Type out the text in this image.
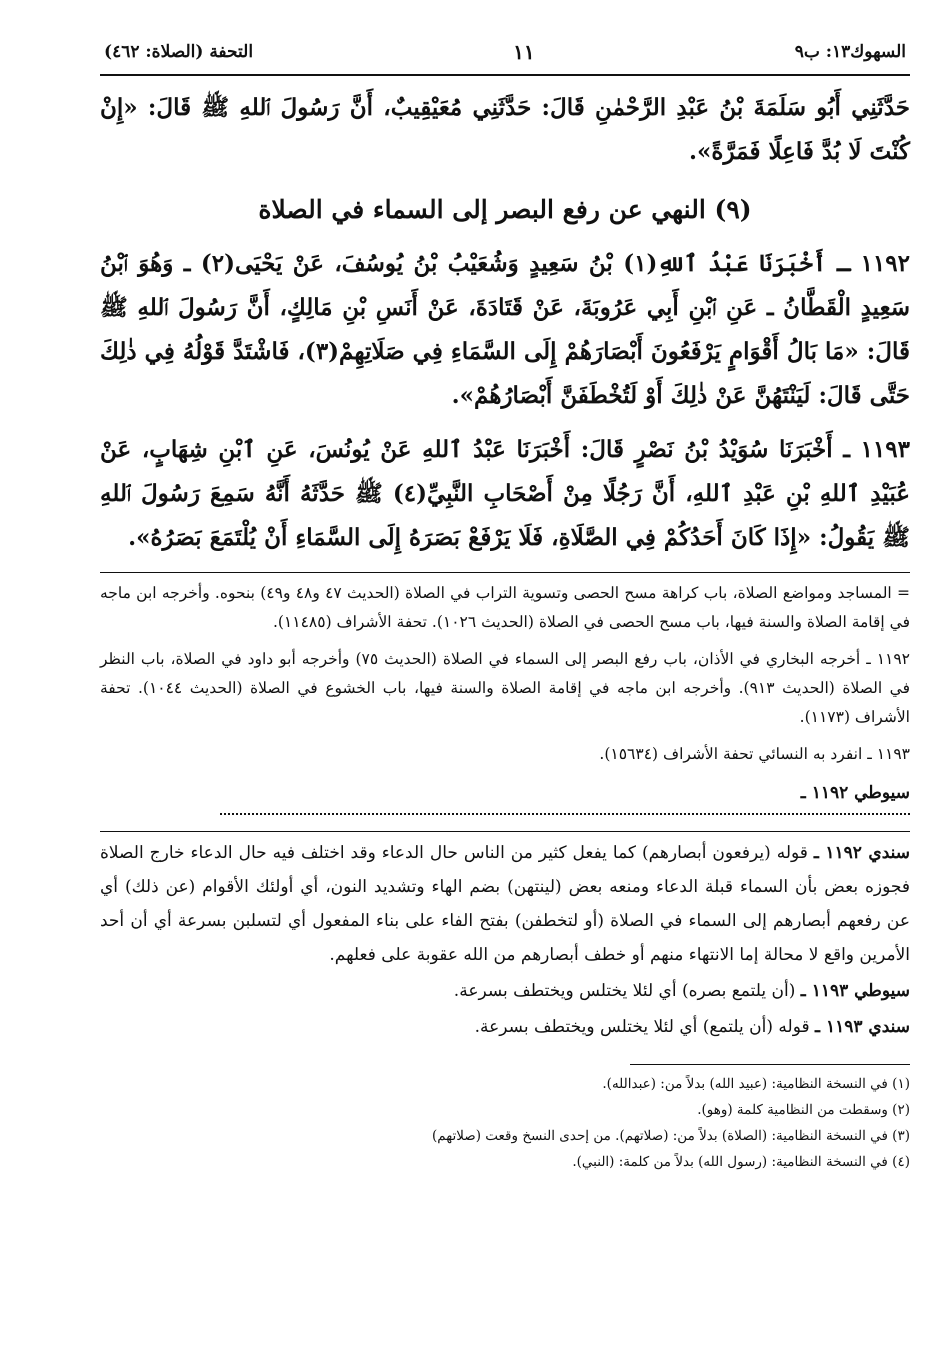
السهوك١٣: ب٩
١١
التحفة (الصلاة: ٤٦٢)
حَدَّثَنِي أَبُو سَلَمَةَ بْنُ عَبْدِ الرَّحْمٰنِ قَالَ: حَدَّثَنِي مُعَيْقِيبٌ، أَنَّ رَسُولَ ٱللهِ ﷺ قَالَ: «إِنْ كُنْتَ لَا بُدَّ فَاعِلًا فَمَرَّةً».
(٩) النهي عن رفع البصر إلى السماء في الصلاة
١١٩٢ ـ أَخْبَرَنَا عَبْدُ ٱللهِ(١) بْنُ سَعِيدٍ وَشُعَيْبُ بْنُ يُوسُفَ، عَنْ يَحْيَى(٢) ـ وَهُوَ ٱبْنُ سَعِيدٍ الْقَطَّانُ ـ عَنِ ٱبْنِ أَبِي عَرُوبَةَ، عَنْ قَتَادَةَ، عَنْ أَنَسِ بْنِ مَالِكٍ، أَنَّ رَسُولَ ٱللهِ ﷺ قَالَ: «مَا بَالُ أَقْوَامٍ يَرْفَعُونَ أَبْصَارَهُمْ إِلَى السَّمَاءِ فِي صَلَاتِهِمْ(٣)، فَاشْتَدَّ قَوْلُهُ فِي ذٰلِكَ حَتَّى قَالَ: لَيَنْتَهُنَّ عَنْ ذٰلِكَ أَوْ لَتُخْطَفَنَّ أَبْصَارُهُمْ».
١١٩٣ ـ أَخْبَرَنَا سُوَيْدُ بْنُ نَصْرٍ قَالَ: أَخْبَرَنَا عَبْدُ ٱللهِ عَنْ يُونُسَ، عَنِ ٱبْنِ شِهَابٍ، عَنْ عُبَيْدِ ٱللهِ بْنِ عَبْدِ ٱللهِ، أَنَّ رَجُلًا مِنْ أَصْحَابِ النَّبِيِّ(٤) ﷺ حَدَّثَهُ أَنَّهُ سَمِعَ رَسُولَ ٱللهِ ﷺ يَقُولُ: «إِذَا كَانَ أَحَدُكُمْ فِي الصَّلَاةِ، فَلَا يَرْفَعْ بَصَرَهُ إِلَى السَّمَاءِ أَنْ يُلْتَمَعَ بَصَرُهُ».

= المساجد ومواضع الصلاة، باب كراهة مسح الحصى وتسوية التراب في الصلاة (الحديث ٤٧ و٤٨ و٤٩) بنحوه. وأخرجه ابن ماجه في إقامة الصلاة والسنة فيها، باب مسح الحصى في الصلاة (الحديث ١٠٢٦). تحفة الأشراف (١١٤٨٥).

١١٩٢ ـ أخرجه البخاري في الأذان، باب رفع البصر إلى السماء في الصلاة (الحديث ٧٥) وأخرجه أبو داود في الصلاة، باب النظر في الصلاة (الحديث ٩١٣). وأخرجه ابن ماجه في إقامة الصلاة والسنة فيها، باب الخشوع في الصلاة (الحديث ١٠٤٤). تحفة الأشراف (١١٧٣).

١١٩٣ ـ انفرد به النسائي تحفة الأشراف (١٥٦٣٤).

سيوطي ١١٩٢ ـ

سندي ١١٩٢ ـ قوله (يرفعون أبصارهم) كما يفعل كثير من الناس حال الدعاء وقد اختلف فيه حال الدعاء خارج الصلاة فجوزه بعض بأن السماء قبلة الدعاء ومنعه بعض (لينتهن) بضم الهاء وتشديد النون، أي أولئك الأقوام (عن ذلك) أي عن رفعهم أبصارهم إلى السماء في الصلاة (أو لتخطفن) بفتح الفاء على بناء المفعول أي لتسلبن بسرعة أي أن أحد الأمرين واقع لا محالة إما الانتهاء منهم أو خطف أبصارهم من الله عقوبة على فعلهم.

سيوطي ١١٩٣ ـ (أن يلتمع بصره) أي لئلا يختلس ويختطف بسرعة.

سندي ١١٩٣ ـ قوله (أن يلتمع) أي لئلا يختلس ويختطف بسرعة.

(١) في النسخة النظامية: (عبيد الله) بدلاً من: (عبدالله).

(٢) وسقطت من النظامية كلمة (وهو).

(٣) في النسخة النظامية: (الصلاة) بدلاً من: (صلاتهم). من إحدى النسخ وقعت (صلاتهم)

(٤) في النسخة النظامية: (رسول الله) بدلاً من كلمة: (النبي).
